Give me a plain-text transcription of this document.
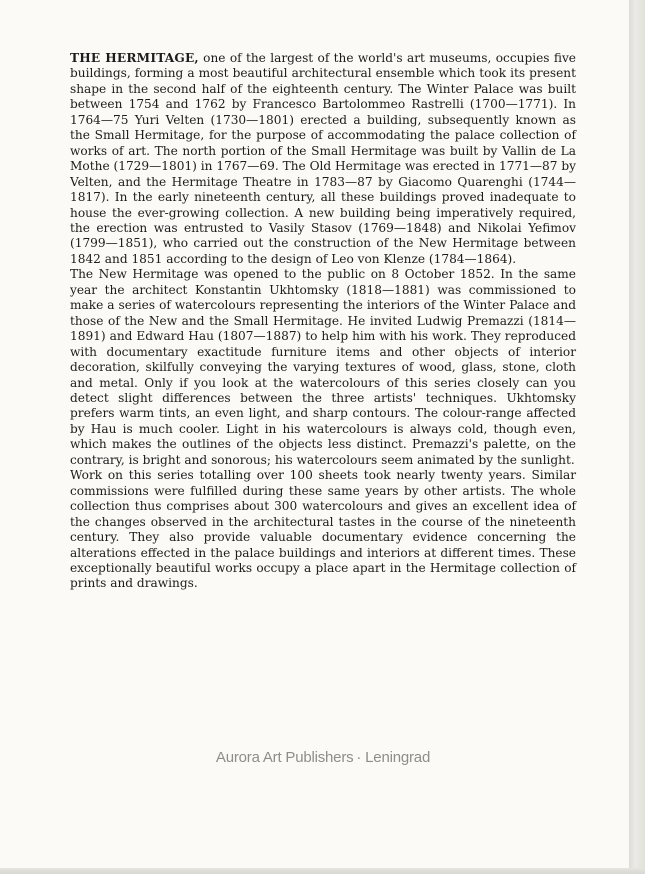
THE HERMITAGE, one of the largest of the world's art museums, occupies five buildings, forming a most beautiful architectural ensemble which took its present shape in the second half of the eighteenth century. The Winter Palace was built between 1754 and 1762 by Francesco Bartolommeo Rastrelli (1700—1771). In 1764—75 Yuri Velten (1730—1801) erected a building, subsequently known as the Small Hermitage, for the purpose of accommodating the palace collection of works of art. The north portion of the Small Hermitage was built by Vallin de La Mothe (1729—1801) in 1767—69. The Old Hermitage was erected in 1771—87 by Velten, and the Hermitage Theatre in 1783—87 by Giacomo Quarenghi (1744—1817). In the early nineteenth century, all these buildings proved inadequate to house the ever-growing collection. A new building being imperatively required, the erection was entrusted to Vasily Stasov (1769—1848) and Nikolai Yefimov (1799—1851), who carried out the construction of the New Hermitage between 1842 and 1851 according to the design of Leo von Klenze (1784—1864).

The New Hermitage was opened to the public on 8 October 1852. In the same year the architect Konstantin Ukhtomsky (1818—1881) was commissioned to make a series of watercolours representing the interiors of the Winter Palace and those of the New and the Small Hermitage. He invited Ludwig Premazzi (1814—1891) and Edward Hau (1807—1887) to help him with his work. They reproduced with documentary exactitude furniture items and other objects of interior decoration, skilfully conveying the varying textures of wood, glass, stone, cloth and metal. Only if you look at the watercolours of this series closely can you detect slight differences between the three artists' techniques. Ukhtomsky prefers warm tints, an even light, and sharp contours. The colour-range affected by Hau is much cooler. Light in his watercolours is always cold, though even, which makes the outlines of the objects less distinct. Premazzi's palette, on the contrary, is bright and sonorous; his watercolours seem animated by the sunlight.

Work on this series totalling over 100 sheets took nearly twenty years. Similar commissions were fulfilled during these same years by other artists. The whole collection thus comprises about 300 watercolours and gives an excellent idea of the changes observed in the architectural tastes in the course of the nineteenth century. They also provide valuable documentary evidence concerning the alterations effected in the palace buildings and interiors at different times. These exceptionally beautiful works occupy a place apart in the Hermitage collection of prints and drawings.

Aurora Art Publishers · Leningrad
